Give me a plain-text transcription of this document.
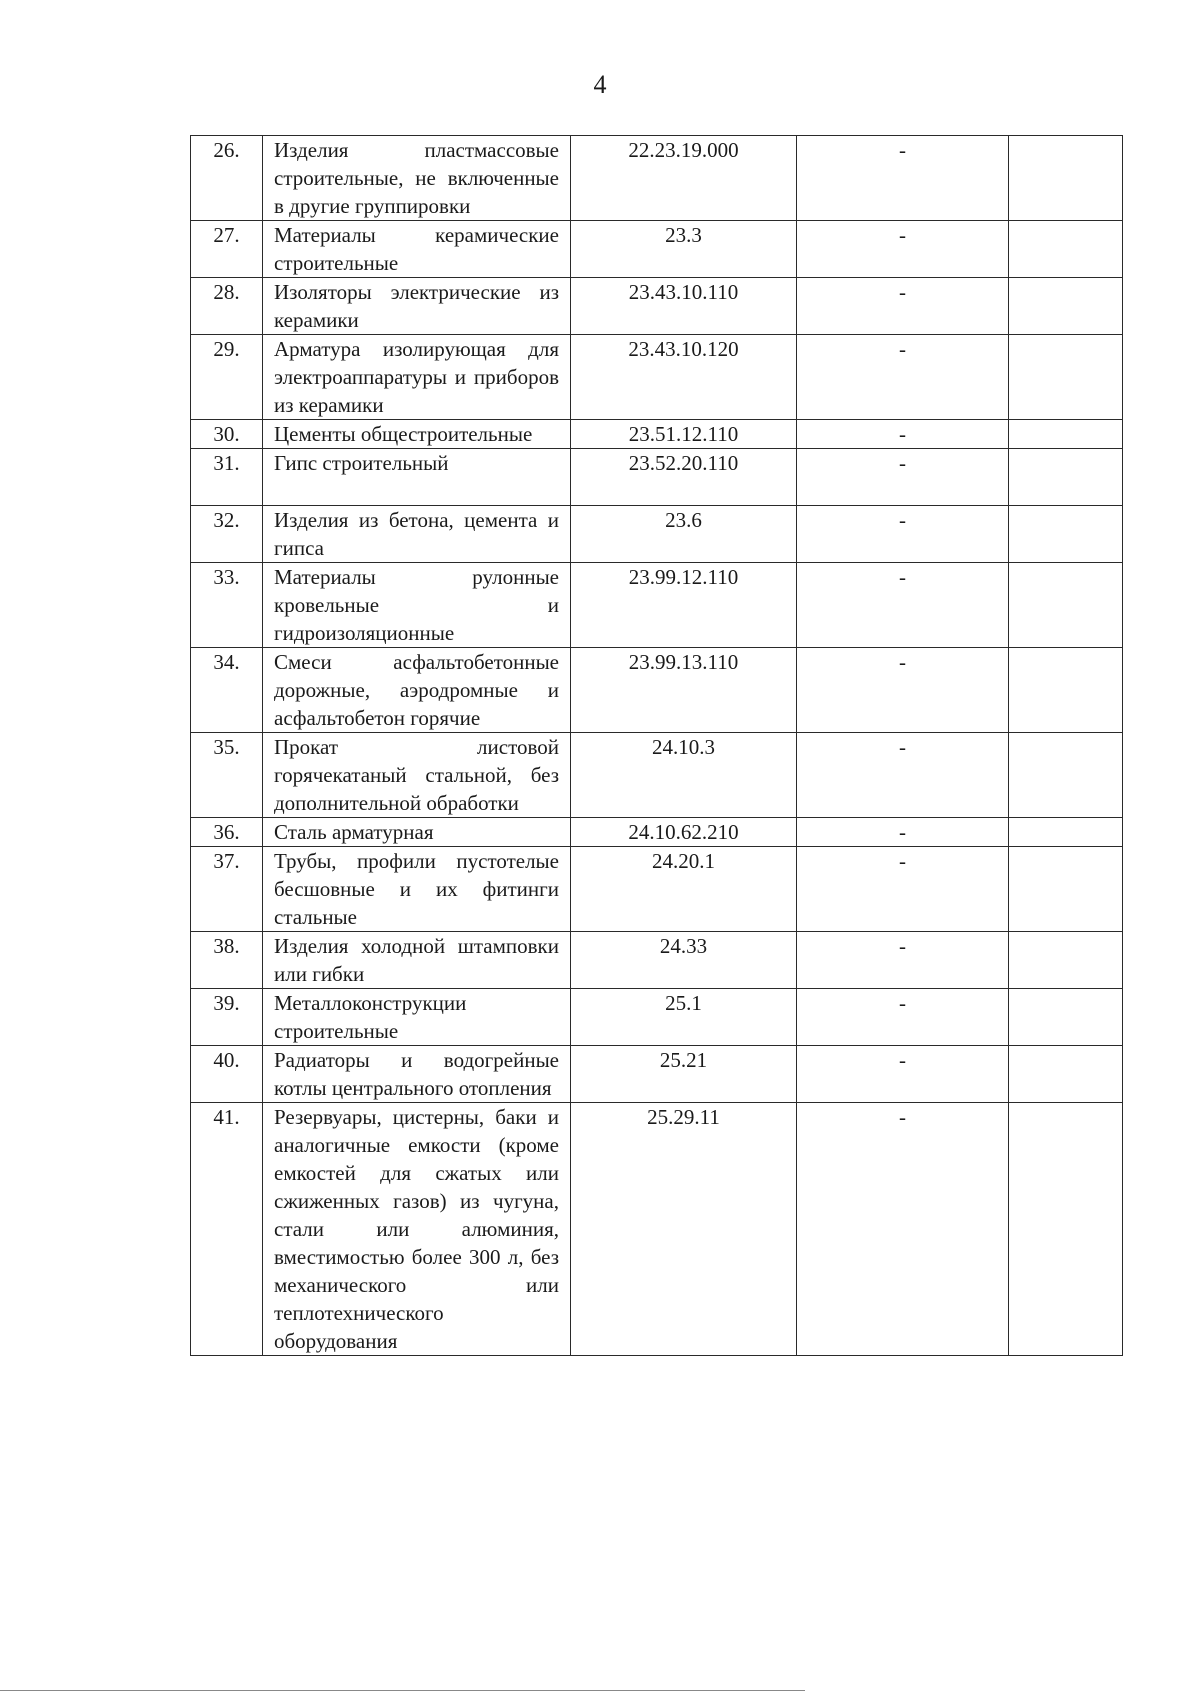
4
26.	Изделия пластмассовые строительные, не включенные в другие группировки	22.23.19.000	-	
27.	Материалы керамические строительные	23.3	-	
28.	Изоляторы электрические из керамики	23.43.10.110	-	
29.	Арматура изолирующая для электроаппаратуры и приборов из керамики	23.43.10.120	-	
30.	Цементы общестроительные	23.51.12.110	-	
31.	Гипс строительный	23.52.20.110	-	
32.	Изделия из бетона, цемента и гипса	23.6	-	
33.	Материалы рулонные кровельные и гидроизоляционные	23.99.12.110	-	
34.	Смеси асфальтобетонные дорожные, аэродромные и асфальтобетон горячие	23.99.13.110	-	
35.	Прокат листовой горячекатаный стальной, без дополнительной обработки	24.10.3	-	
36.	Сталь арматурная	24.10.62.210	-	
37.	Трубы, профили пустотелые бесшовные и их фитинги стальные	24.20.1	-	
38.	Изделия холодной штамповки или гибки	24.33	-	
39.	Металлоконструкции строительные	25.1	-	
40.	Радиаторы и водогрейные котлы центрального отопления	25.21	-	
41.	Резервуары, цистерны, баки и аналогичные емкости (кроме емкостей для сжатых или сжиженных газов) из чугуна, стали или алюминия, вместимостью более 300 л, без механического или теплотехнического оборудования	25.29.11	-	
